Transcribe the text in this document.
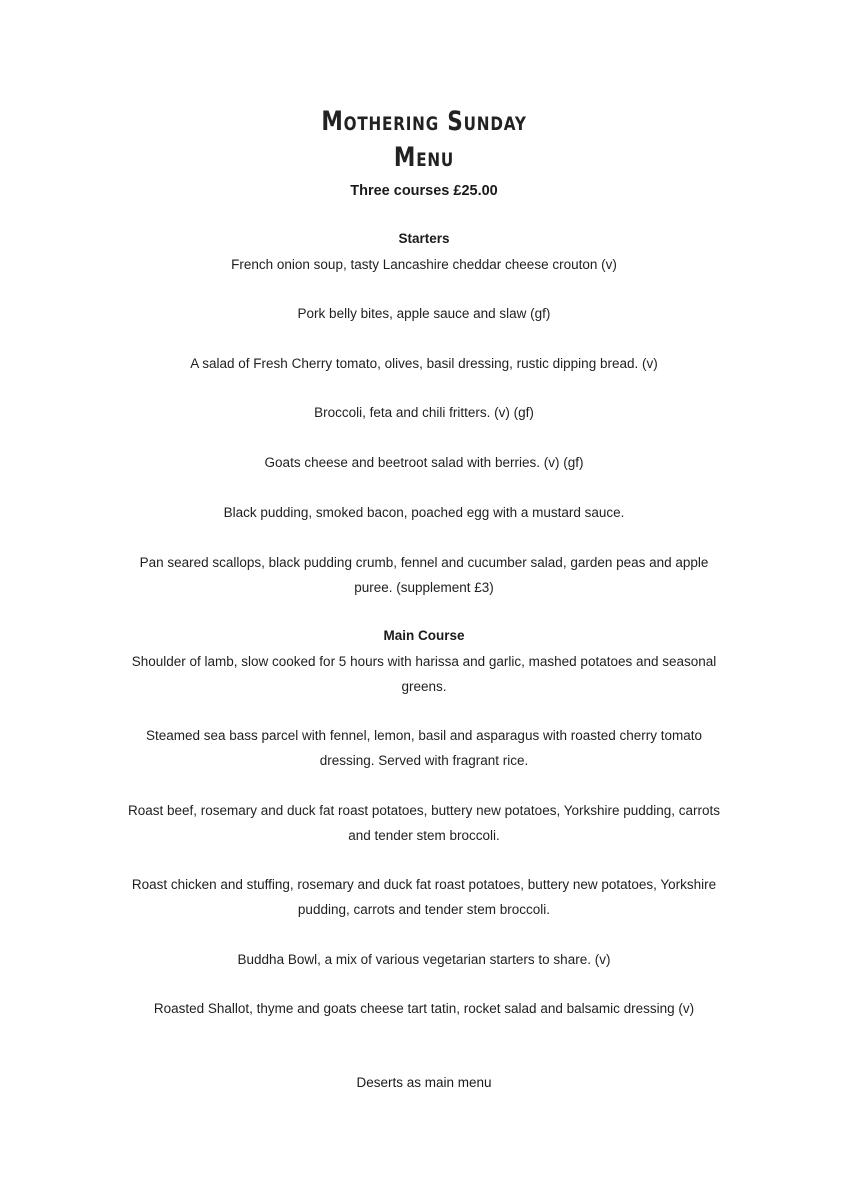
Mothering Sunday
Menu
Three courses £25.00
Starters
French onion soup, tasty Lancashire cheddar cheese crouton (v)
Pork belly bites, apple sauce and slaw (gf)
A salad of Fresh Cherry tomato, olives, basil dressing, rustic dipping bread. (v)
Broccoli, feta and chili fritters. (v) (gf)
Goats cheese and beetroot salad with berries. (v) (gf)
Black pudding, smoked bacon, poached egg with a mustard sauce.
Pan seared scallops, black pudding crumb, fennel and cucumber salad, garden peas and apple puree. (supplement £3)
Main Course
Shoulder of lamb, slow cooked for 5 hours with harissa and garlic, mashed potatoes and seasonal greens.
Steamed sea bass parcel with fennel, lemon, basil and asparagus with roasted cherry tomato dressing. Served with fragrant rice.
Roast beef, rosemary and duck fat roast potatoes, buttery new potatoes, Yorkshire pudding, carrots and tender stem broccoli.
Roast chicken and stuffing, rosemary and duck fat roast potatoes, buttery new potatoes, Yorkshire pudding, carrots and tender stem broccoli.
Buddha Bowl, a mix of various vegetarian starters to share. (v)
Roasted Shallot, thyme and goats cheese tart tatin, rocket salad and balsamic dressing (v)
Deserts as main menu
